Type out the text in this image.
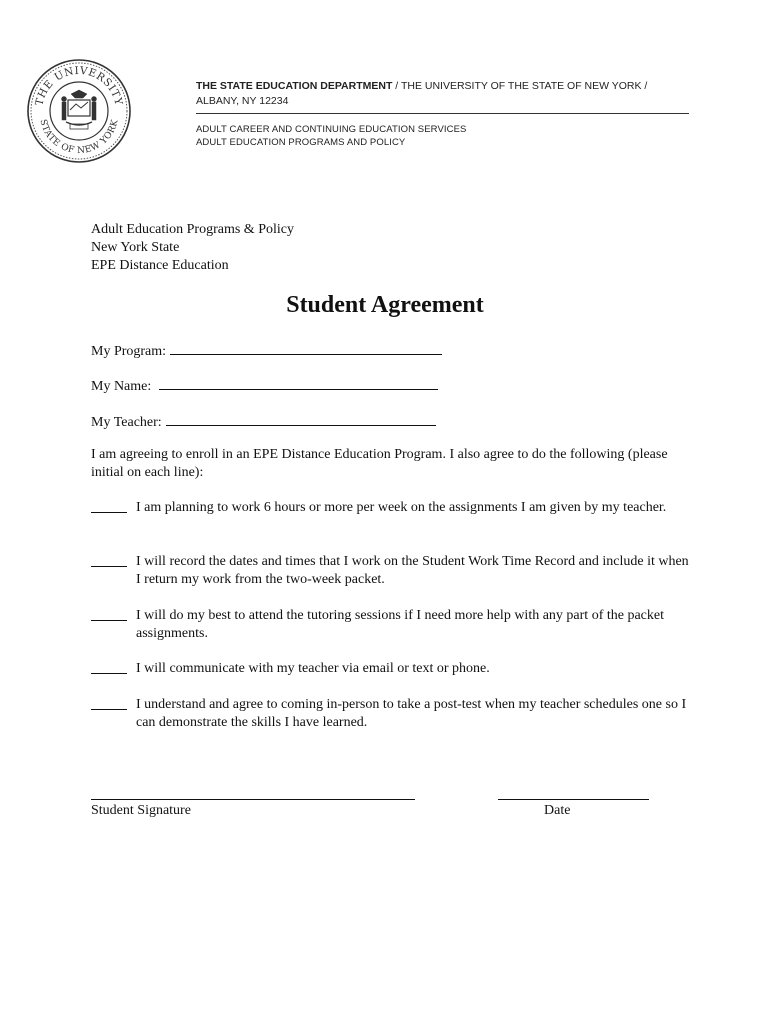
THE UNIVERSITY
STATE OF NEW YORK
THE STATE EDUCATION DEPARTMENT / THE UNIVERSITY OF THE STATE OF NEW YORK /
ALBANY, NY 12234
ADULT CAREER AND CONTINUING EDUCATION SERVICES
ADULT EDUCATION PROGRAMS AND POLICY
Adult Education Programs & Policy
New York State
EPE Distance Education
Student Agreement
My Program:
My Name:
My Teacher:
I am agreeing to enroll in an EPE Distance Education Program. I also agree to do the following (please initial on each line):
I am planning to work 6 hours or more per week on the assignments I am given by my teacher.
I will record the dates and times that I work on the Student Work Time Record and include it when I return my work from the two-week packet.
I will do my best to attend the tutoring sessions if I need more help with any part of the packet assignments.
I will communicate with my teacher via email or text or phone.
I understand and agree to coming in-person to take a post-test when my teacher schedules one so I can demonstrate the skills I have learned.
Student Signature	Date
